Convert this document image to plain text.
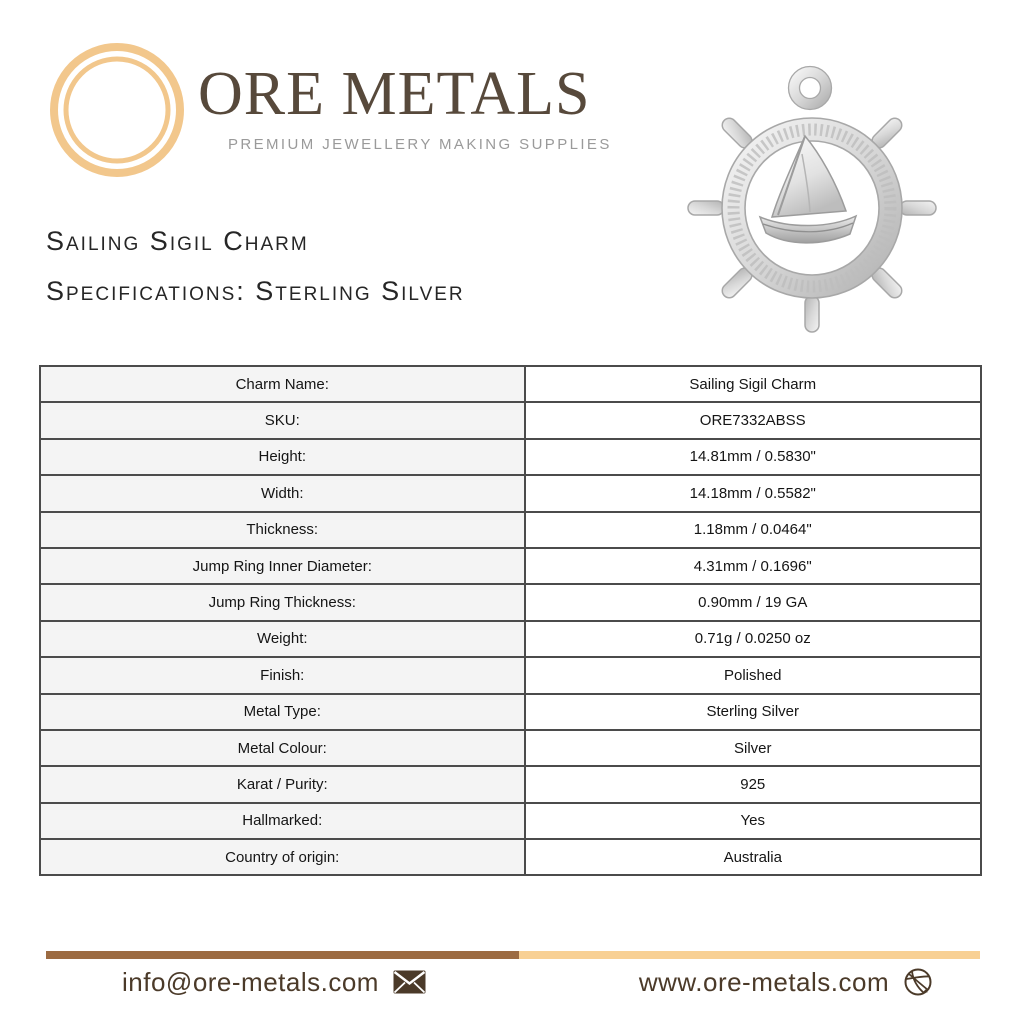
ORE METALS
PREMIUM JEWELLERY MAKING SUPPLIES
Sailing Sigil Charm
Specifications: Sterling Silver
Charm Name:	Sailing Sigil Charm
SKU:	ORE7332ABSS
Height:	14.81mm / 0.5830"
Width:	14.18mm / 0.5582"
Thickness:	1.18mm / 0.0464"
Jump Ring Inner Diameter:	4.31mm / 0.1696"
Jump Ring Thickness:	0.90mm / 19 GA
Weight:	0.71g / 0.0250 oz
Finish:	Polished
Metal Type:	Sterling Silver
Metal Colour:	Silver
Karat / Purity:	925
Hallmarked:	Yes
Country of origin:	Australia
info@ore-metals.com	www.ore-metals.com
